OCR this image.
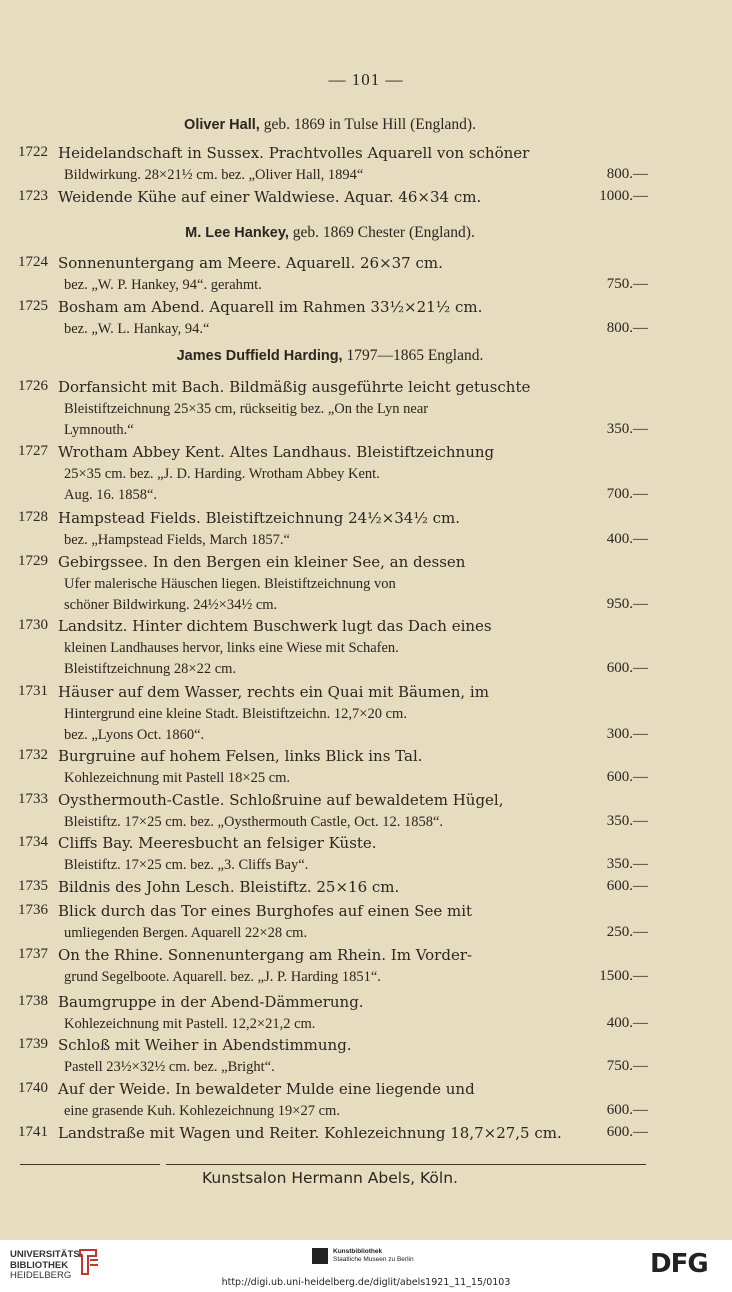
— 101 —
Oliver Hall, geb. 1869 in Tulse Hill (England).
M. Lee Hankey, geb. 1869 Chester (England).
James Duffield Harding, 1797—1865 England.
1722 Heidelandschaft in Sussex. Prachtvolles Aquarell von schöner
Bildwirkung. 28×21½ cm. bez. „Oliver Hall, 1894“	800.—
1723 Weidende Kühe auf einer Waldwiese. Aquar. 46×34 cm.	1000.—
1724 Sonnenuntergang am Meere. Aquarell. 26×37 cm.
bez. „W. P. Hankey, 94“. gerahmt.	750.—
1725 Bosham am Abend. Aquarell im Rahmen 33½×21½ cm.
bez. „W. L. Hankay, 94.“	800.—
1726 Dorfansicht mit Bach. Bildmäßig ausgeführte leicht getuschte
Bleistiftzeichnung 25×35 cm, rückseitig bez. „On the Lyn near
Lymnouth.“	350.—
1727 Wrotham Abbey Kent. Altes Landhaus. Bleistiftzeichnung
25×35 cm. bez. „J. D. Harding. Wrotham Abbey Kent.
Aug. 16. 1858“.	700.—
1728 Hampstead Fields. Bleistiftzeichnung 24½×34½ cm.
bez. „Hampstead Fields, March 1857.“	400.—
1729 Gebirgssee. In den Bergen ein kleiner See, an dessen
Ufer malerische Häuschen liegen. Bleistiftzeichnung von
schöner Bildwirkung. 24½×34½ cm.	950.—
1730 Landsitz. Hinter dichtem Buschwerk lugt das Dach eines
kleinen Landhauses hervor, links eine Wiese mit Schafen.
Bleistiftzeichnung 28×22 cm.	600.—
1731 Häuser auf dem Wasser, rechts ein Quai mit Bäumen, im
Hintergrund eine kleine Stadt. Bleistiftzeichn. 12,7×20 cm.
bez. „Lyons Oct. 1860“.	300.—
1732 Burgruine auf hohem Felsen, links Blick ins Tal.
Kohlezeichnung mit Pastell 18×25 cm.	600.—
1733 Oysthermouth-Castle. Schloßruine auf bewaldetem Hügel,
Bleistiftz. 17×25 cm. bez. „Oysthermouth Castle, Oct. 12. 1858“.	350.—
1734 Cliffs Bay. Meeresbucht an felsiger Küste.
Bleistiftz. 17×25 cm. bez. „3. Cliffs Bay“.	350.—
1735 Bildnis des John Lesch. Bleistiftz. 25×16 cm.	600.—
1736 Blick durch das Tor eines Burghofes auf einen See mit
umliegenden Bergen. Aquarell 22×28 cm.	250.—
1737 On the Rhine. Sonnenuntergang am Rhein. Im Vorder-
grund Segelboote. Aquarell. bez. „J. P. Harding 1851“.	1500.—
1738 Baumgruppe in der Abend-Dämmerung.
Kohlezeichnung mit Pastell. 12,2×21,2 cm.	400.—
1739 Schloß mit Weiher in Abendstimmung.
Pastell 23½×32½ cm. bez. „Bright“.	750.—
1740 Auf der Weide. In bewaldeter Mulde eine liegende und
eine grasende Kuh. Kohlezeichnung 19×27 cm.	600.—
1741 Landstraße mit Wagen und Reiter. Kohlezeichnung 18,7×27,5 cm.	600.—
Kunstsalon Hermann Abels, Köln.
UNIVERSITÄTS-
BIBLIOTHEK
HEIDELBERG
Kunstbibliothek
Staatliche Museen zu Berlin	DFG
http://digi.ub.uni-heidelberg.de/diglit/abels1921_11_15/0103
